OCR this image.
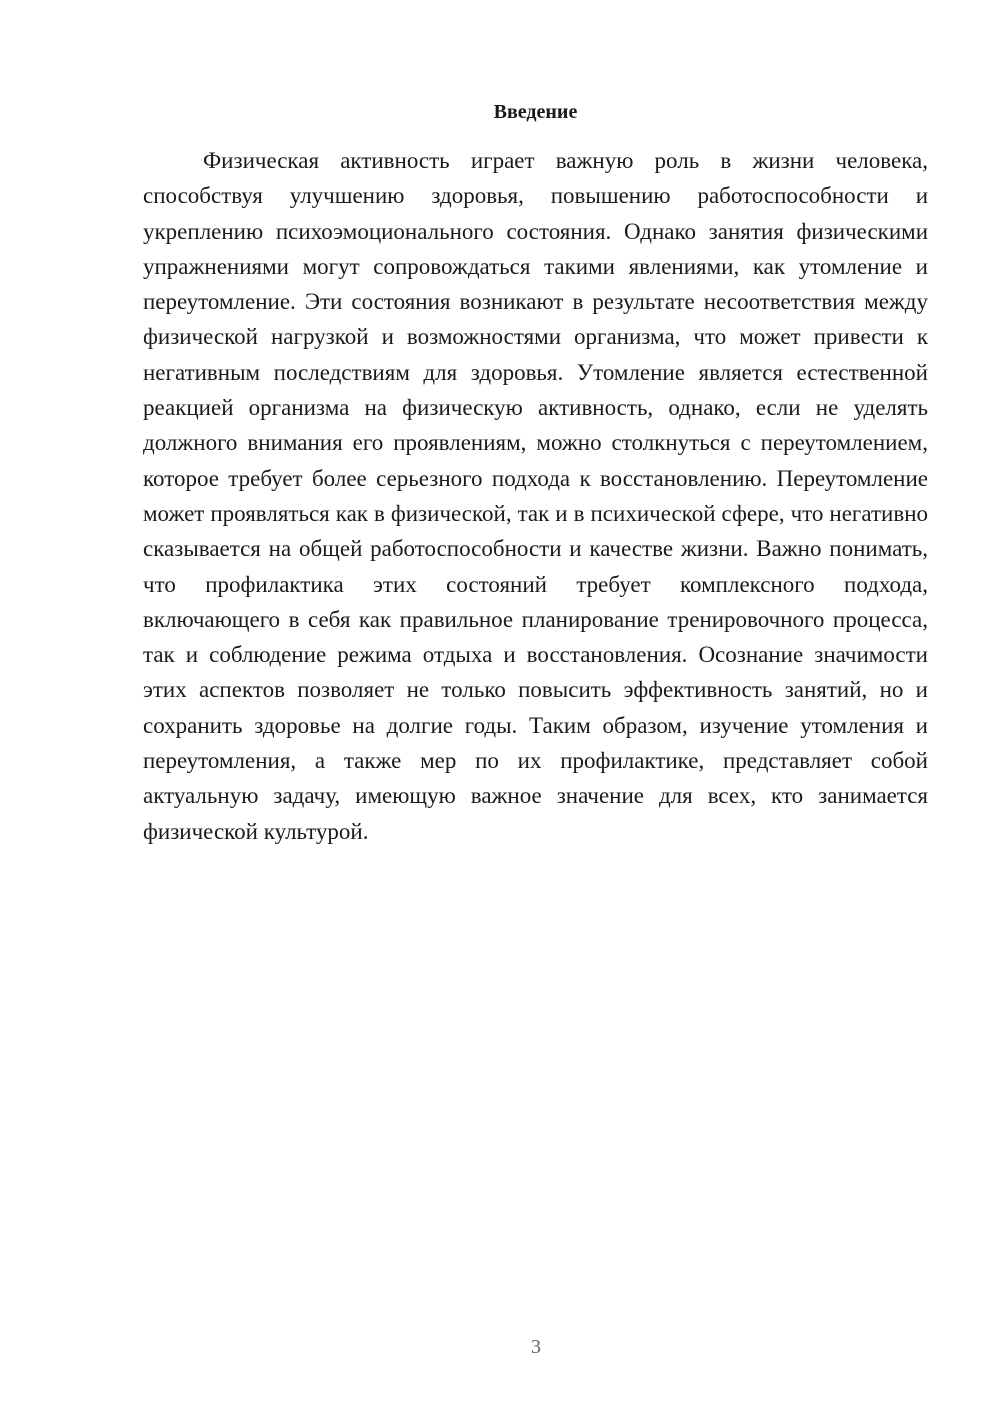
Введение

Физическая активность играет важную роль в жизни человека, способствуя улучшению здоровья, повышению работоспособности и укреплению психоэмоционального состояния. Однако занятия физическими упражнениями могут сопровождаться такими явлениями, как утомление и переутомление. Эти состояния возникают в результате несоответствия между физической нагрузкой и возможностями организма, что может привести к негативным последствиям для здоровья. Утомление является естественной реакцией организма на физическую активность, однако, если не уделять должного внимания его проявлениям, можно столкнуться с переутомлением, которое требует более серьезного подхода к восстановлению. Переутомление может проявляться как в физической, так и в психической сфере, что негативно сказывается на общей работоспособности и качестве жизни. Важно понимать, что профилактика этих состояний требует комплексного подхода, включающего в себя как правильное планирование тренировочного процесса, так и соблюдение режима отдыха и восстановления. Осознание значимости этих аспектов позволяет не только повысить эффективность занятий, но и сохранить здоровье на долгие годы. Таким образом, изучение утомления и переутомления, а также мер по их профилактике, представляет собой актуальную задачу, имеющую важное значение для всех, кто занимается физической культурой.

3
